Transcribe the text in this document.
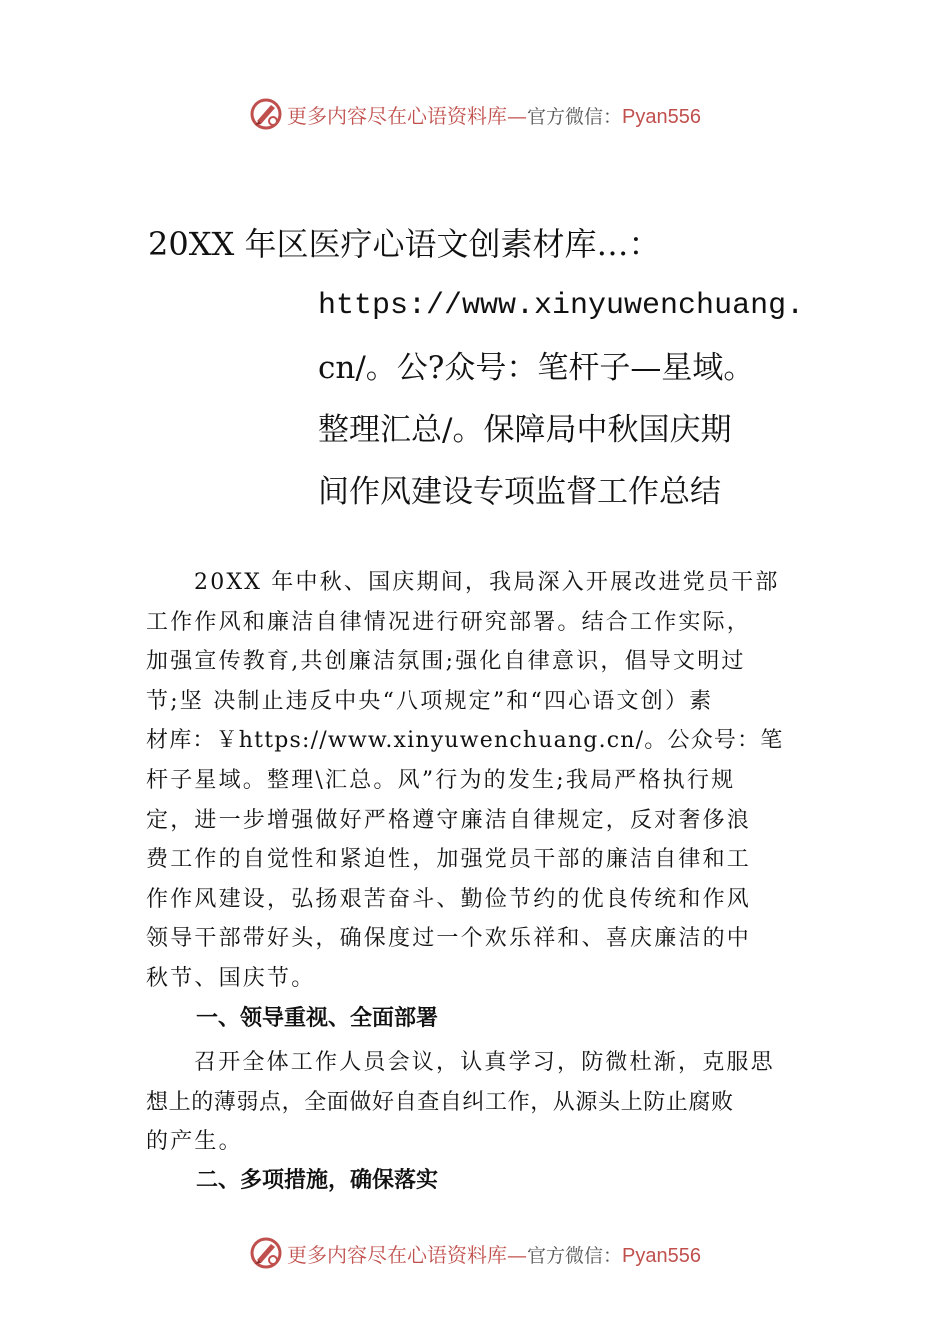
更多内容尽在心语资料库—官方微信：Pyan556
20XX 年区医疗心语文创素材库…：
https://www.xinyuwenchuang.
cn/。公?众号：笔杆子—星域。
整理汇总/。保障局中秋国庆期
间作风建设专项监督工作总结
20XX 年中秋、国庆期间，我局深入开展改进党员干部
工作作风和廉洁自律情况进行研究部署。结合工作实际，
加强宣传教育,共创廉洁氛围;强化自律意识，倡导文明过
节;坚 决制止违反中央“八项规定”和“四心语文创）素
材库：￥https://www.xinyuwenchuang.cn/。公众号：笔
杆子星域。整理\汇总。风”行为的发生;我局严格执行规
定，进一步增强做好严格遵守廉洁自律规定，反对奢侈浪
费工作的自觉性和紧迫性，加强党员干部的廉洁自律和工
作作风建设，弘扬艰苦奋斗、勤俭节约的优良传统和作风
领导干部带好头，确保度过一个欢乐祥和、喜庆廉洁的中
秋节、国庆节。
一、领导重视、全面部署
召开全体工作人员会议，认真学习，防微杜渐，克服思
想上的薄弱点，全面做好自查自纠工作，从源头上防止腐败
的产生。
二、多项措施，确保落实
更多内容尽在心语资料库—官方微信：Pyan556
